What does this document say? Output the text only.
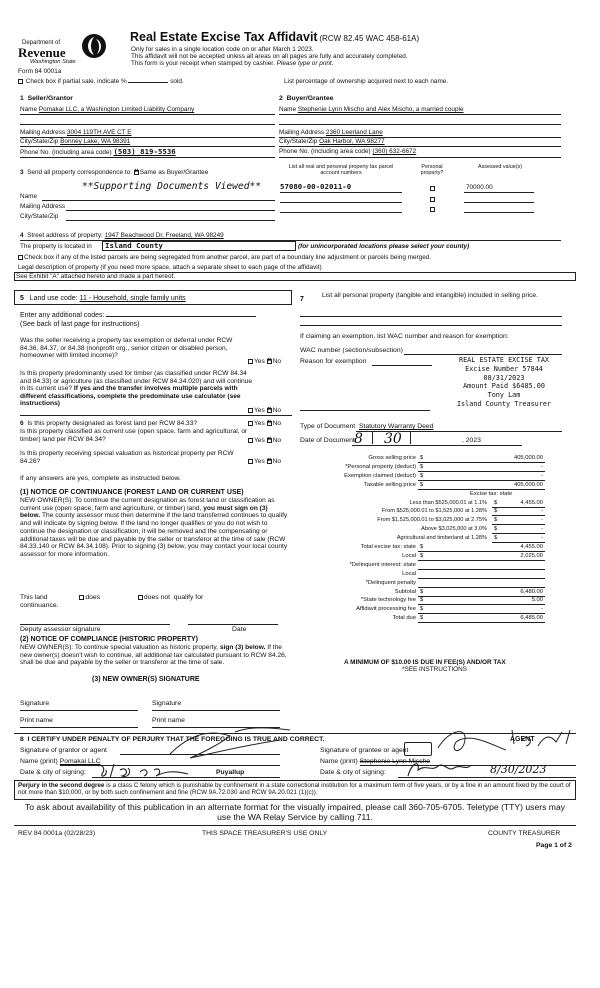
Department of
Revenue
Washington State
Form 84 0001a
Real Estate Excise Tax Affidavit (RCW 82.45 WAC 458-61A)
Only for sales in a single location code on or after March 1 2023.
This affidavit will not be accepted unless all areas on all pages are fully and accurately completed.
This form is your receipt when stamped by cashier. Please type or print.
Check box if partial sale, indicate %	sold.	List percentage of ownership acquired next to each name.
1 Seller/Grantor
Name Pomakai LLC, a Washington Limited Liability Company
Mailing Address 3004 119TH AVE CT E
City/State/Zip Bonney Lake, WA 98391
Phone No. (including area code) (503) 819-5536
2 Buyer/Grantee
Name Stephenie Lynn Mischo and Alex Mischo, a married couple
Mailing Address 2360 Leerland Lane
City/State/Zip Oak Harbor, WA 98277
Phone No. (including area code) (360) 632-6672
3 Send all property correspondence to: × Same as Buyer/Grantee
**Supporting Documents Viewed**
Name
Mailing Address
City/State/Zip
List all real and personal property tax parcel account numbers
Personal property?
Assessed value(s)
57080-00-02011-0	70000.00
4 Street address of property: 1947 Beachwood Dr, Freeland, WA 98249
The property is located in Island County	(for unincorporated locations please select your county)
Check box if any of the listed parcels are being segregated from another parcel, are part of a boundary line adjustment or parcels being merged.
Legal description of property (if you need more space, attach a separate sheet to each page of the affidavit)
See Exhibit "A" attached hereto and made a part hereof.
5 Land use code: 11 - Household, single family units
Enter any additional codes:
(See back of last page for instructions)
Was the seller receiving a property tax exemption or deferral under RCW 84.36, 84.37, or 84.38 (nonprofit org., senior citizen or disabled person, homeowner with limited income)?
Yes × No
Is this property predominantly used for timber (as classified under RCW 84.34 and 84.33) or agriculture (as classified under RCW 84.34.020) and will continue in its current use? If yes and the transfer involves multiple parcels with different classifications, complete the predominate use calculator (see instructions)
Yes × No
6 Is this property designated as forest land per RCW 84.33?	Yes × No
Is this property classified as current use (open space, farm and agricultural, or timber) land per RCW 84.34?	Yes × No
Is this property receiving special valuation as historical property per RCW 84.26?	Yes × No
If any answers are yes, complete as instructed below.
(1) NOTICE OF CONTINUANCE (FOREST LAND OR CURRENT USE)
NEW OWNER(S): To continue the current designation as forest land or classification as current use (open space, farm and agriculture, or timber) land, you must sign on (3) below. The county assessor must then determine if the land transferred continues to qualify and will indicate by signing below. If the land no longer qualifies or you do not wish to continue the designation or classification, it will be removed and the compensating or additional taxes will be due and payable by the seller or transferor at the time of sale (RCW 84.33.140 or RCW 84.34.108). Prior to signing (3) below, you may contact your local county assessor for more information.
This land	does	does not qualify for
continuance.
Deputy assessor signature	Date
(2) NOTICE OF COMPLIANCE (HISTORIC PROPERTY)
NEW OWNER(S): To continue special valuation as historic property, sign (3) below. If the new owner(s) doesn't wish to continue, all additional tax calculated pursuant to RCW 84.26, shall be due and payable by the seller or transferor at the time of sale.
(3) NEW OWNER(S) SIGNATURE
Signature	Signature
Print name	Print name
7
List all personal property (tangible and intangible) included in selling price.
If claiming an exemption, list WAC number and reason for exemption:
WAC number (section/subsection)
Reason for exemption	REAL ESTATE EXCISE TAX
Excise Number 57844
08/31/2023
Amount Paid $6485.00
Tony Lam
Island County Treasurer
Type of Document Statutory Warranty Deed
Date of Document 8 30	, 2023
Gross selling price $	405,000.00
*Personal property (deduct) $	-
Exemption claimed (deduct) $	-
Taxable selling price $	405,000.00
Excise tax: state
Less than $525,000.01 at 1.1% $	4,455.00
From $525,000.01 to $1,525,000 at 1.28% $	-
From $1,525,000.01 to $3,025,000 at 2.75% $	-
Above $3,025,000 at 3.0% $	-
Agricultural and timberland at 1.28% $	-
Total excise tax: state $	4,455.00
Local $	2,025.00
*Delinquent interest: state
Local
*Delinquent penalty
Subtotal $	6,480.00
*State technology fee $	5.00
Affidavit processing fee $	-
Total due $	6,485.00
A MINIMUM OF $10.00 IS DUE IN FEE(S) AND/OR TAX
*SEE INSTRUCTIONS
8 I CERTIFY UNDER PENALTY OF PERJURY THAT THE FOREGOING IS TRUE AND CORRECT.	AGENT
Signature of grantor or agent
Name (print) Pomakai LLC
Date & city of signing:	Puyallup
Signature of grantee or agent
Name (print) Stephenie Lynn Mischo
Date & city of signing:	8/30/2023
Perjury in the second degree is a class C felony which is punishable by confinement in a state correctional institution for a maximum term of five years, or by a fine in an amount fixed by the court of not more than $10,000, or by both such confinement and fine (RCW 9A.72.030 and RCW 9A.20.021 (1)(c)).
To ask about availability of this publication in an alternate format for the visually impaired, please call 360-705-6705. Teletype (TTY) users may use the WA Relay Service by calling 711.
REV 84 0001a (02/28/23)	THIS SPACE TREASURER'S USE ONLY	COUNTY TREASURER
Page 1 of 2
